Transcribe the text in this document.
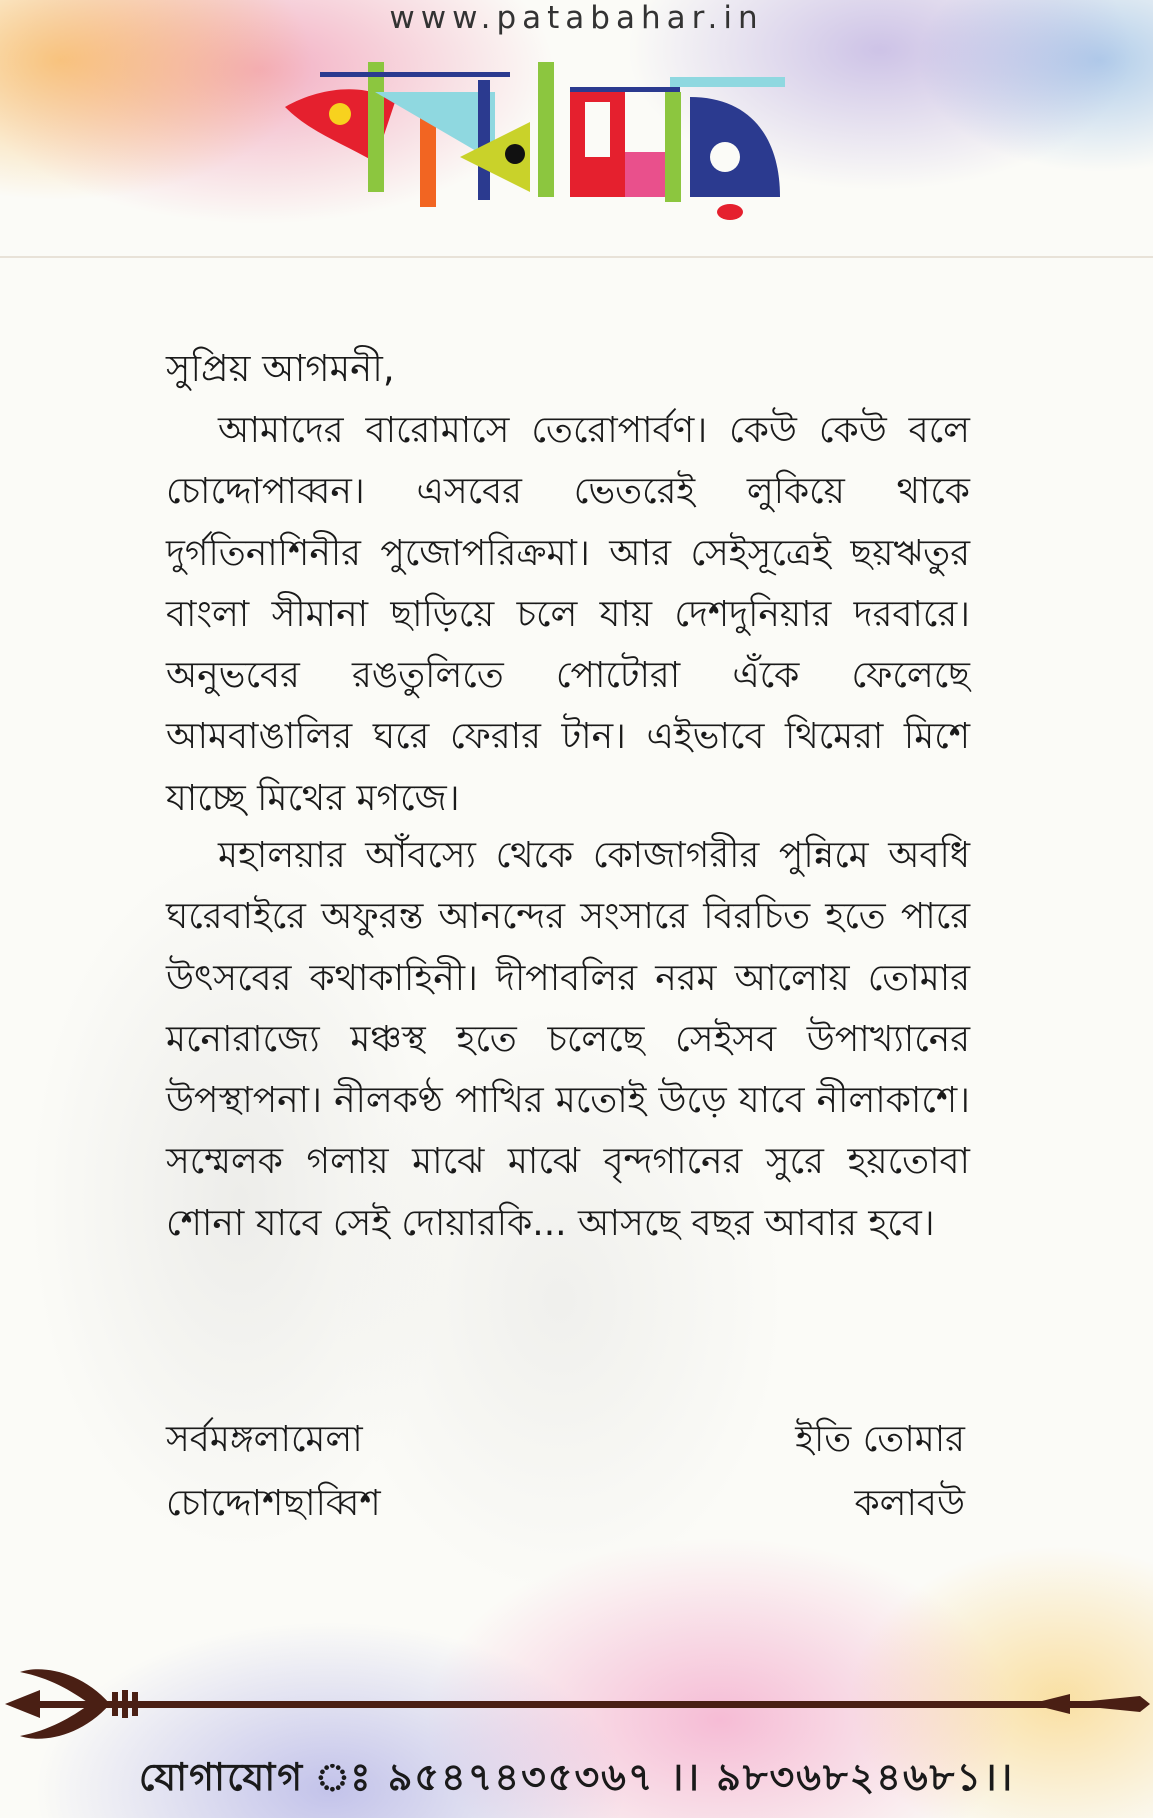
www.patabahar.in
সুপ্রিয় আগমনী,

আমাদের বারোমাসে তেরোপার্বণ। কেউ কেউ বলে চোদ্দোপাব্বন। এসবের ভেতরেই লুকিয়ে থাকে দুর্গতিনাশিনীর পুজোপরিক্রমা। আর সেইসূত্রেই ছয়ঋতুর বাংলা সীমানা ছাড়িয়ে চলে যায় দেশদুনিয়ার দরবারে। অনুভবের রঙতুলিতে পোটোরা এঁকে ফেলেছে আমবাঙালির ঘরে ফেরার টান। এইভাবে থিমেরা মিশে যাচ্ছে মিথের মগজে।

মহালয়ার আঁবস্যে থেকে কোজাগরীর পুন্নিমে অবধি ঘরেবাইরে অফুরন্ত আনন্দের সংসারে বিরচিত হতে পারে উৎসবের কথাকাহিনী। দীপাবলির নরম আলোয় তোমার মনোরাজ্যে মঞ্চস্থ হতে চলেছে সেইসব উপাখ্যানের উপস্থাপনা। নীলকণ্ঠ পাখির মতোই উড়ে যাবে নীলাকাশে। সম্মেলক গলায় মাঝে মাঝে বৃন্দগানের সুরে হয়তোবা শোনা যাবে সেই দোয়ারকি... আসছে বছর আবার হবে।

সর্বমঙ্গলামেলা
চোদ্দোশছাব্বিশ
ইতি তোমার
কলাবউ
যোগাযোগ ঃ ৯৫৪৭৪৩৫৩৬৭ ।। ৯৮৩৬৮২৪৬৮১।।
